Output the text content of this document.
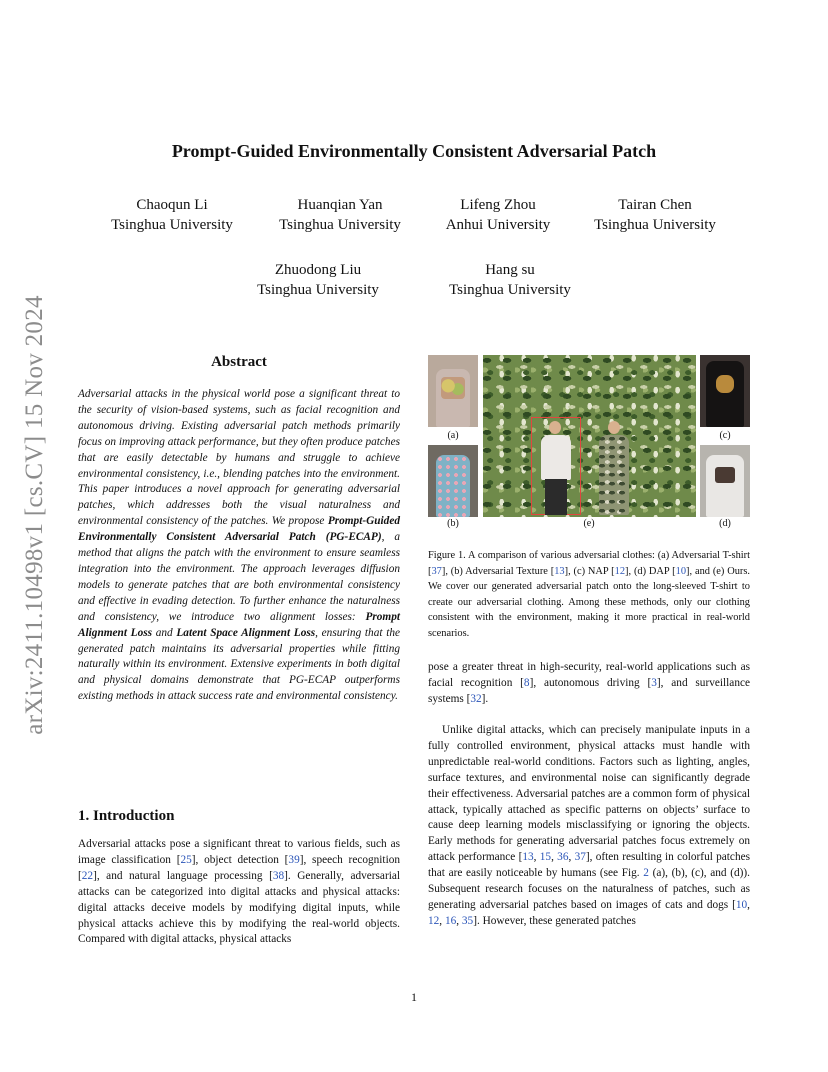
Prompt-Guided Environmentally Consistent Adversarial Patch
Chaoqun Li
Tsinghua University
Huanqian Yan
Tsinghua University
Lifeng Zhou
Anhui University
Tairan Chen
Tsinghua University
Zhuodong Liu
Tsinghua University
Hang su
Tsinghua University
arXiv:2411.10498v1 [cs.CV] 15 Nov 2024	Abstract
Adversarial attacks in the physical world pose a significant threat to the security of vision-based systems, such as facial recognition and autonomous driving. Existing adversarial patch methods primarily focus on improving attack performance, but they often produce patches that are easily detectable by humans and struggle to achieve environmental consistency, i.e., blending patches into the environment. This paper introduces a novel approach for generating adversarial patches, which addresses both the visual naturalness and environmental consistency of the patches. We propose Prompt-Guided Environmentally Consistent Adversarial Patch (PG-ECAP), a method that aligns the patch with the environment to ensure seamless integration into the environment. The approach leverages diffusion models to generate patches that are both environmental consistency and effective in evading detection. To further enhance the naturalness and consistency, we introduce two alignment losses: Prompt Alignment Loss and Latent Space Alignment Loss, ensuring that the generated patch maintains its adversarial properties while fitting naturally within its environment. Extensive experiments in both digital and physical domains demonstrate that PG-ECAP outperforms existing methods in attack success rate and environmental consistency.
1. Introduction
Adversarial attacks pose a significant threat to various fields, such as image classification [25], object detection [39], speech recognition [22], and natural language processing [38]. Generally, adversarial attacks can be categorized into digital attacks and physical attacks: digital attacks deceive models by modifying digital inputs, while physical attacks achieve this by modifying the real-world objects. Compared with digital attacks, physical attacks
(a)
(b)	(e)
(c)
(d)
Figure 1. A comparison of various adversarial clothes: (a) Adversarial T-shirt [37], (b) Adversarial Texture [13], (c) NAP [12], (d) DAP [10], and (e) Ours. We cover our generated adversarial patch onto the long-sleeved T-shirt to create our adversarial clothing. Among these methods, only our clothing consistent with the environment, making it more practical in real-world scenarios.
pose a greater threat in high-security, real-world applications such as facial recognition [8], autonomous driving [3], and surveillance systems [32].
Unlike digital attacks, which can precisely manipulate inputs in a fully controlled environment, physical attacks must handle with unpredictable real-world conditions. Factors such as lighting, angles, surface textures, and environmental noise can significantly degrade their effectiveness. Adversarial patches are a common form of physical attack, typically attached as specific patterns on objects’ surface to cause deep learning models misclassifying or ignoring the objects. Early methods for generating adversarial patches focus extremely on attack performance [13, 15, 36, 37], often resulting in colorful patches that are easily noticeable by humans (see Fig. 2 (a), (b), (c), and (d)). Subsequent research focuses on the naturalness of patches, such as generating adversarial patches based on images of cats and dogs [10, 12, 16, 35]. However, these generated patches
1
